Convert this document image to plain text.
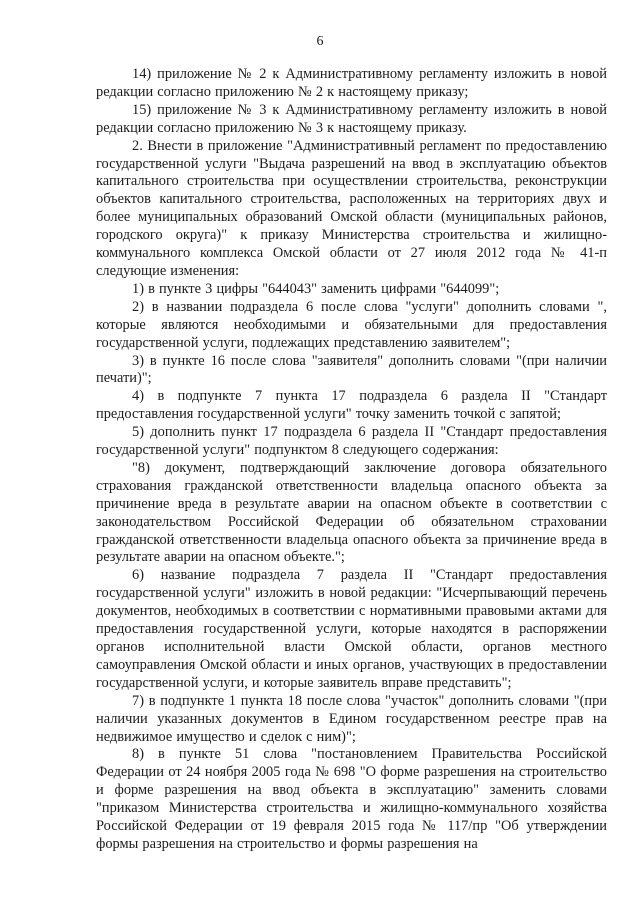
6

14) приложение № 2 к Административному регламенту изложить в новой редакции согласно приложению № 2 к настоящему приказу;

15) приложение № 3 к Административному регламенту изложить в новой редакции согласно приложению № 3 к настоящему приказу.

2. Внести в приложение "Административный регламент по предоставлению государственной услуги "Выдача разрешений на ввод в эксплуатацию объектов капитального строительства при осуществлении строительства, реконструкции объектов капитального строительства, расположенных на территориях двух и более муниципальных образований Омской области (муниципальных районов, городского округа)" к приказу Министерства строительства и жилищно-коммунального комплекса Омской области от 27 июля 2012 года № 41-п следующие изменения:

1) в пункте 3 цифры "644043" заменить цифрами "644099";

2) в названии подраздела 6 после слова "услуги" дополнить словами ", которые являются необходимыми и обязательными для предоставления государственной услуги, подлежащих представлению заявителем";

3) в пункте 16 после слова "заявителя" дополнить словами "(при наличии печати)";

4) в подпункте 7 пункта 17 подраздела 6 раздела II "Стандарт предоставления государственной услуги" точку заменить точкой с запятой;

5) дополнить пункт 17 подраздела 6 раздела II "Стандарт предоставления государственной услуги" подпунктом 8 следующего содержания:

"8) документ, подтверждающий заключение договора обязательного страхования гражданской ответственности владельца опасного объекта за причинение вреда в результате аварии на опасном объекте в соответствии с законодательством Российской Федерации об обязательном страховании гражданской ответственности владельца опасного объекта за причинение вреда в результате аварии на опасном объекте.";

6) название подраздела 7 раздела II "Стандарт предоставления государственной услуги" изложить в новой редакции: "Исчерпывающий перечень документов, необходимых в соответствии с нормативными правовыми актами для предоставления государственной услуги, которые находятся в распоряжении органов исполнительной власти Омской области, органов местного самоуправления Омской области и иных органов, участвующих в предоставлении государственной услуги, и которые заявитель вправе представить";

7) в подпункте 1 пункта 18 после слова "участок" дополнить словами "(при наличии указанных документов в Едином государственном реестре прав на недвижимое имущество и сделок с ним)";

8) в пункте 51 слова "постановлением Правительства Российской Федерации от 24 ноября 2005 года № 698 "О форме разрешения на строительство и форме разрешения на ввод объекта в эксплуатацию" заменить словами "приказом Министерства строительства и жилищно-коммунального хозяйства Российской Федерации от 19 февраля 2015 года № 117/пр "Об утверждении формы разрешения на строительство и формы разрешения на
